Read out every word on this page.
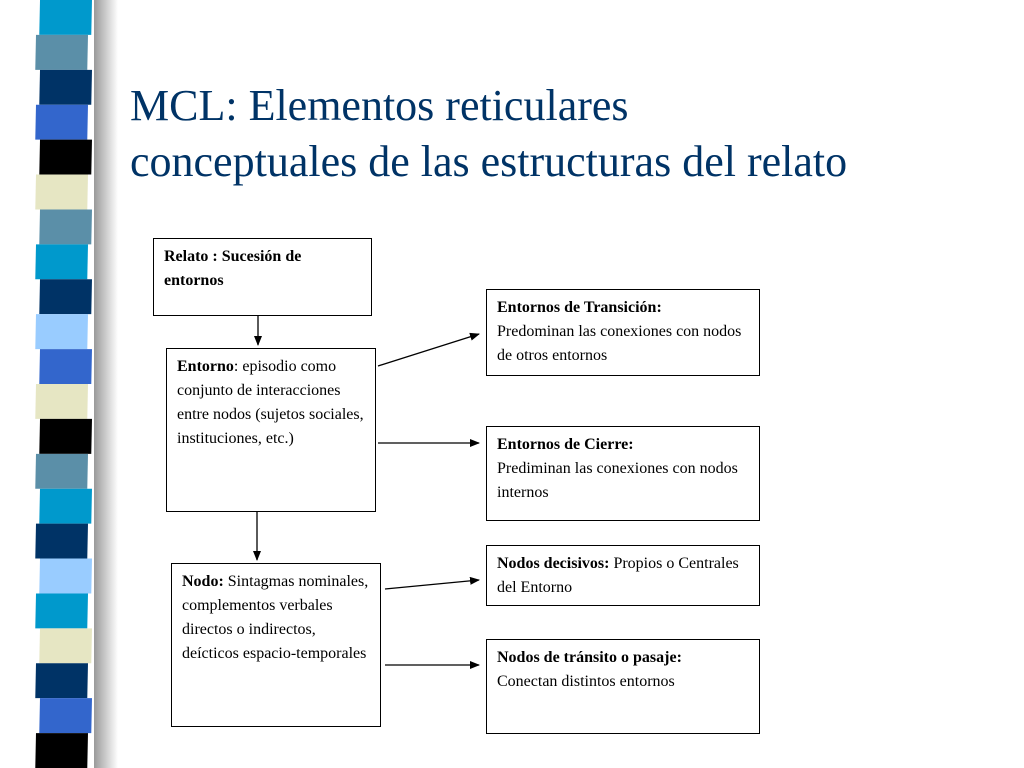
MCL: Elementos reticulares
conceptuales de las estructuras del relato
Relato : Sucesión de entornos
Entorno: episodio como conjunto de interacciones entre nodos (sujetos sociales, instituciones, etc.)
Nodo: Sintagmas nominales, complementos verbales directos o indirectos, deícticos espacio-temporales
Entornos de Transición:
Predominan las conexiones con nodos de otros entornos
Entornos de Cierre:
Prediminan las conexiones con nodos internos
Nodos decisivos: Propios o Centrales del Entorno
Nodos de tránsito o pasaje:
Conectan distintos entornos
